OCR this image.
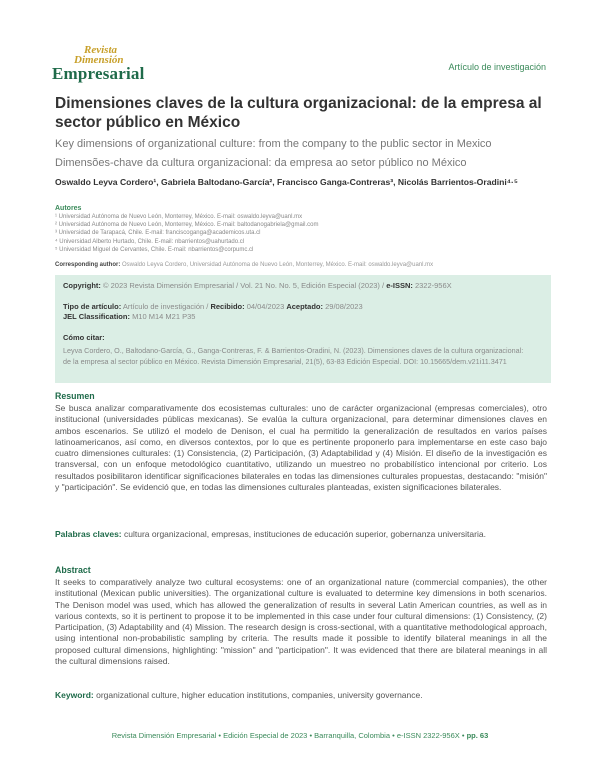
Revista
Dimensión
Empresarial	Artículo de investigación
Dimensiones claves de la cultura organizacional: de la empresa al sector público en México
Key dimensions of organizational culture: from the company to the public sector in Mexico
Dimensões-chave da cultura organizacional: da empresa ao setor público no México
Oswaldo Leyva Cordero¹, Gabriela Baltodano-García², Francisco Ganga-Contreras³, Nicolás Barrientos-Oradini⁴·⁵
Autores
¹ Universidad Autónoma de Nuevo León, Monterrey, México. E-mail: oswaldo.leyva@uanl.mx
² Universidad Autónoma de Nuevo León, Monterrey, México. E-mail: baltodanogabriela@gmail.com
³ Universidad de Tarapacá, Chile. E-mail: franciscoganga@academicos.uta.cl
⁴ Universidad Alberto Hurtado, Chile. E-mail: nbarrientos@uahurtado.cl
⁵ Universidad Miguel de Cervantes, Chile. E-mail: nbarrientos@corpumc.cl
Corresponding author: Oswaldo Leyva Cordero, Universidad Autónoma de Nuevo León, Monterrey, México. E-mail: oswaldo.leyva@uanl.mx
Copyright: © 2023 Revista Dimensión Empresarial / Vol. 21 No. No. 5, Edición Especial (2023) / e-ISSN: 2322-956X
Tipo de artículo: Artículo de investigación / Recibido: 04/04/2023 Aceptado: 29/08/2023
JEL Classification: M10 M14 M21 P35
Cómo citar:
Leyva Cordero, O., Baltodano-García, G., Ganga-Contreras, F. & Barrientos-Oradini, N. (2023). Dimensiones claves de la cultura organizacional: de la empresa al sector público en México. Revista Dimensión Empresarial, 21(5), 63-83 Edición Especial. DOI: 10.15665/dem.v21i11.3471
Resumen
Se busca analizar comparativamente dos ecosistemas culturales: uno de carácter organizacional (empresas comerciales), otro institucional (universidades públicas mexicanas). Se evalúa la cultura organizacional, para determinar dimensiones claves en ambos escenarios. Se utilizó el modelo de Denison, el cual ha permitido la generalización de resultados en varios países latinoamericanos, así como, en diversos contextos, por lo que es pertinente proponerlo para implementarse en este caso bajo cuatro dimensiones culturales: (1) Consistencia, (2) Participación, (3) Adaptabilidad y (4) Misión. El diseño de la investigación es transversal, con un enfoque metodológico cuantitativo, utilizando un muestreo no probabilístico intencional por criterio. Los resultados posibilitaron identificar significaciones bilaterales en todas las dimensiones culturales propuestas, destacando: "misión" y "participación". Se evidenció que, en todas las dimensiones culturales planteadas, existen significaciones bilaterales.
Palabras claves: cultura organizacional, empresas, instituciones de educación superior, gobernanza universitaria.
Abstract
It seeks to comparatively analyze two cultural ecosystems: one of an organizational nature (commercial companies), the other institutional (Mexican public universities). The organizational culture is evaluated to determine key dimensions in both scenarios. The Denison model was used, which has allowed the generalization of results in several Latin American countries, as well as in various contexts, so it is pertinent to propose it to be implemented in this case under four cultural dimensions: (1) Consistency, (2) Participation, (3) Adaptability and (4) Mission. The research design is cross-sectional, with a quantitative methodological approach, using intentional non-probabilistic sampling by criteria. The results made it possible to identify bilateral meanings in all the proposed cultural dimensions, highlighting: "mission" and "participation". It was evidenced that there are bilateral meanings in all the cultural dimensions raised.
Keyword: organizational culture, higher education institutions, companies, university governance.
Revista Dimensión Empresarial • Edición Especial de 2023 • Barranquilla, Colombia • e-ISSN 2322-956X • pp. 63
